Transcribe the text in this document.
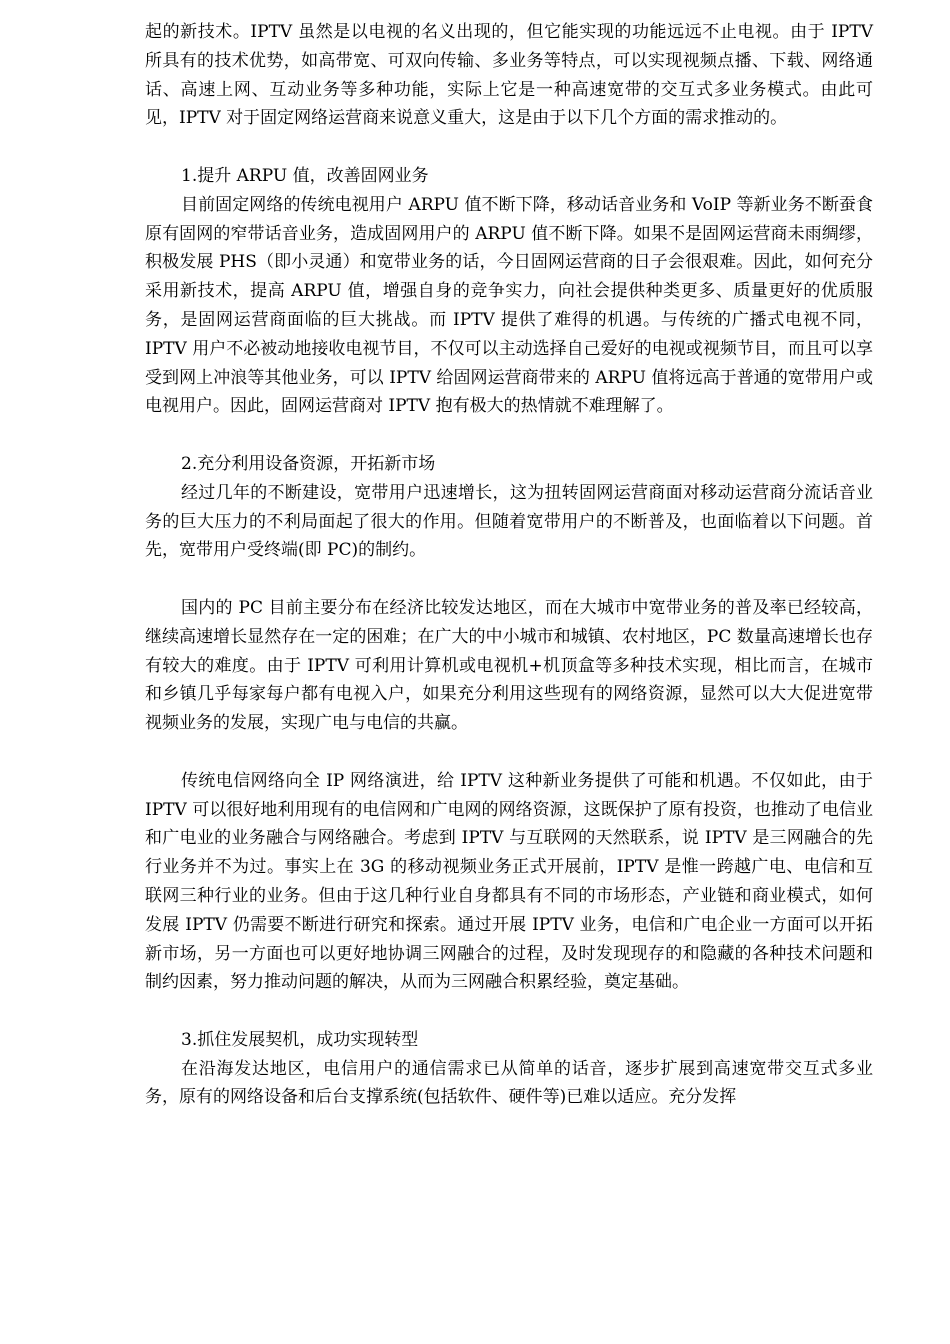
起的新技术。IPTV 虽然是以电视的名义出现的，但它能实现的功能远远不止电视。由于 IPTV 所具有的技术优势，如高带宽、可双向传输、多业务等特点，可以实现视频点播、下载、网络通话、高速上网、互动业务等多种功能，实际上它是一种高速宽带的交互式多业务模式。由此可见，IPTV 对于固定网络运营商来说意义重大，这是由于以下几个方面的需求推动的。

1.提升 ARPU 值，改善固网业务

目前固定网络的传统电视用户 ARPU 值不断下降，移动话音业务和 VoIP 等新业务不断蚕食原有固网的窄带话音业务，造成固网用户的 ARPU 值不断下降。如果不是固网运营商未雨绸缪，积极发展 PHS（即小灵通）和宽带业务的话，今日固网运营商的日子会很艰难。因此，如何充分采用新技术，提高 ARPU 值，增强自身的竞争实力，向社会提供种类更多、质量更好的优质服务，是固网运营商面临的巨大挑战。而 IPTV 提供了难得的机遇。与传统的广播式电视不同，IPTV 用户不必被动地接收电视节目，不仅可以主动选择自己爱好的电视或视频节目，而且可以享受到网上冲浪等其他业务，可以 IPTV 给固网运营商带来的 ARPU 值将远高于普通的宽带用户或电视用户。因此，固网运营商对 IPTV 抱有极大的热情就不难理解了。

2.充分利用设备资源，开拓新市场

经过几年的不断建设，宽带用户迅速增长，这为扭转固网运营商面对移动运营商分流话音业务的巨大压力的不利局面起了很大的作用。但随着宽带用户的不断普及，也面临着以下问题。首先，宽带用户受终端(即 PC)的制约。

国内的 PC 目前主要分布在经济比较发达地区，而在大城市中宽带业务的普及率已经较高，继续高速增长显然存在一定的困难；在广大的中小城市和城镇、农村地区，PC 数量高速增长也存有较大的难度。由于 IPTV 可利用计算机或电视机+机顶盒等多种技术实现，相比而言，在城市和乡镇几乎每家每户都有电视入户，如果充分利用这些现有的网络资源，显然可以大大促进宽带视频业务的发展，实现广电与电信的共赢。

传统电信网络向全 IP 网络演进，给 IPTV 这种新业务提供了可能和机遇。不仅如此，由于 IPTV 可以很好地利用现有的电信网和广电网的网络资源，这既保护了原有投资，也推动了电信业和广电业的业务融合与网络融合。考虑到 IPTV 与互联网的天然联系，说 IPTV 是三网融合的先行业务并不为过。事实上在 3G 的移动视频业务正式开展前，IPTV 是惟一跨越广电、电信和互联网三种行业的业务。但由于这几种行业自身都具有不同的市场形态，产业链和商业模式，如何发展 IPTV 仍需要不断进行研究和探索。通过开展 IPTV 业务，电信和广电企业一方面可以开拓新市场，另一方面也可以更好地协调三网融合的过程，及时发现现存的和隐藏的各种技术问题和制约因素，努力推动问题的解决，从而为三网融合积累经验，奠定基础。

3.抓住发展契机，成功实现转型

在沿海发达地区，电信用户的通信需求已从简单的话音，逐步扩展到高速宽带交互式多业务，原有的网络设备和后台支撑系统(包括软件、硬件等)已难以适应。充分发挥
